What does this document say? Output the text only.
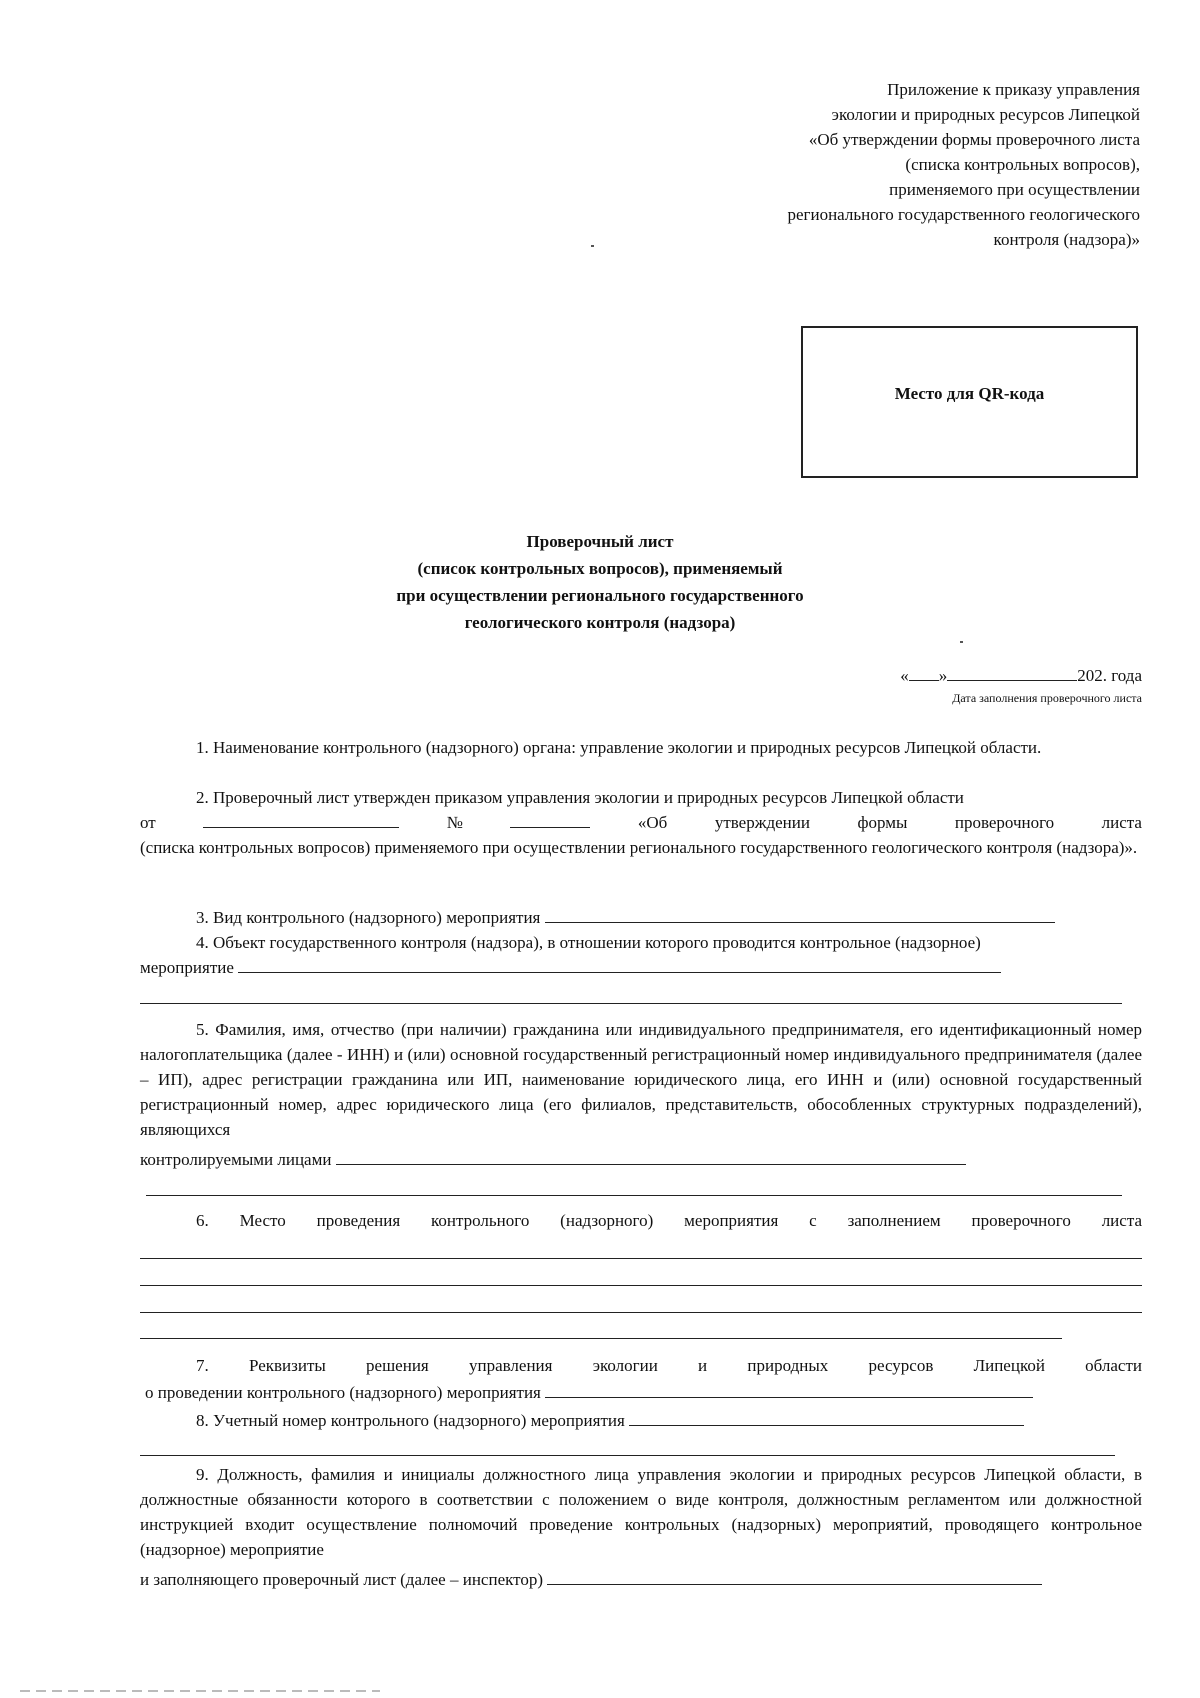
Приложение к приказу управления
экологии и природных ресурсов Липецкой
«Об утверждении формы проверочного листа
(списка контрольных вопросов),
применяемого при осуществлении
регионального государственного геологического
контроля (надзора)»
Место для QR-кода
Проверочный лист
(список контрольных вопросов), применяемый
при осуществлении регионального государственного
геологического контроля (надзора)
« »	202. года
Дата заполнения проверочного листа
1. Наименование контрольного (надзорного) органа: управление экологии и природных ресурсов Липецкой области.
2. Проверочный лист утвержден приказом управления экологии и природных ресурсов Липецкой области
от	№	«Об	утверждении	формы	проверочного	листа
(списка контрольных вопросов) применяемого при осуществлении регионального государственного геологического контроля (надзора)».
3. Вид контрольного (надзорного) мероприятия
4. Объект государственного контроля (надзора), в отношении которого проводится контрольное (надзорное)
мероприятие
5. Фамилия, имя, отчество (при наличии) гражданина или индивидуального предпринимателя, его идентификационный номер налогоплательщика (далее - ИНН) и (или) основной государственный регистрационный номер индивидуального предпринимателя (далее – ИП), адрес регистрации гражданина или ИП, наименование юридического лица, его ИНН и (или) основной государственный регистрационный номер, адрес юридического лица (его филиалов, представительств, обособленных структурных подразделений), являющихся
контролируемыми лицами
6. Место проведения контрольного (надзорного) мероприятия с заполнением проверочного листа
7. Реквизиты решения управления экологии и природных ресурсов Липецкой области
о проведении контрольного (надзорного) мероприятия
8. Учетный номер контрольного (надзорного) мероприятия
9. Должность, фамилия и инициалы должностного лица управления экологии и природных ресурсов Липецкой области, в должностные обязанности которого в соответствии с положением о виде контроля, должностным регламентом или должностной инструкцией входит осуществление полномочий проведение контрольных (надзорных) мероприятий, проводящего контрольное (надзорное) мероприятие
и заполняющего проверочный лист (далее – инспектор)
